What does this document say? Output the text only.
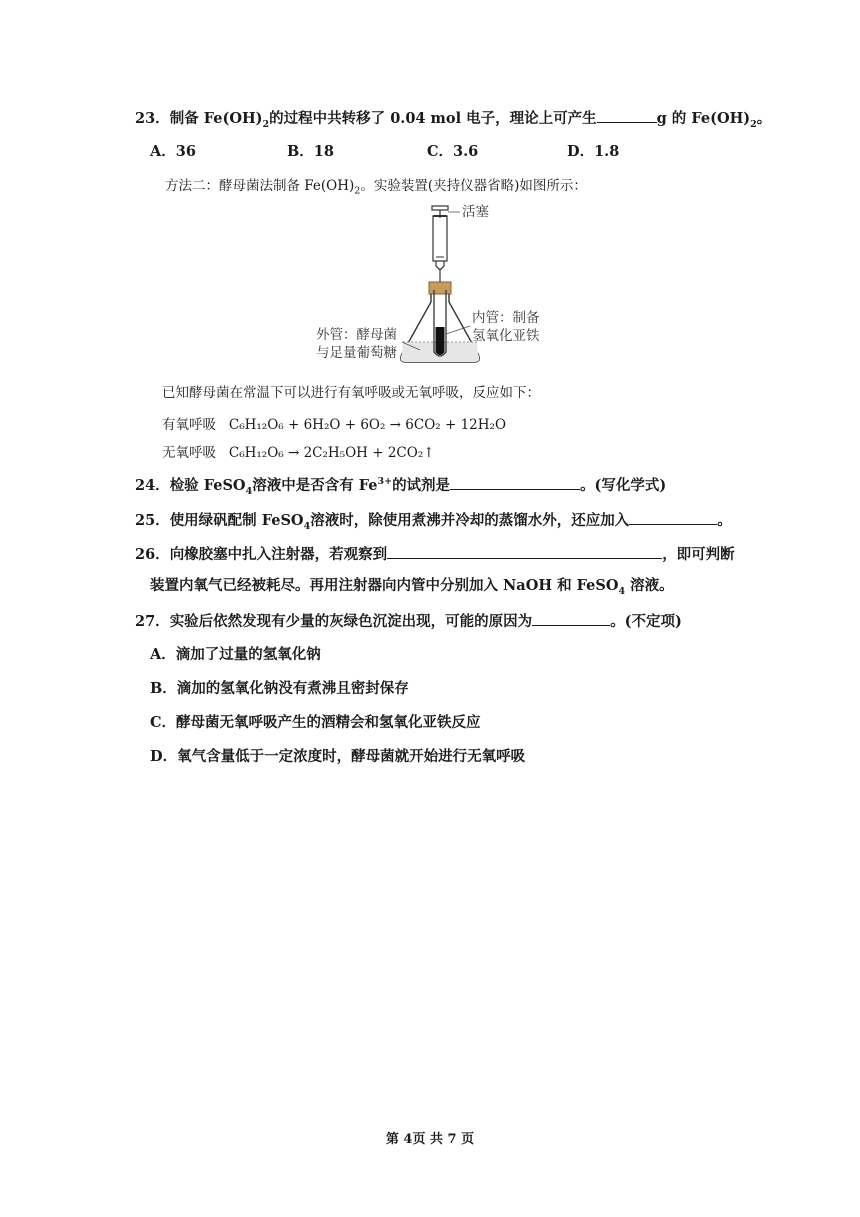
23．制备 $Fe(OH)_2$的过程中共转移了 0.04 mol 电子，理论上可产生	g 的 $Fe(OH)_2$。
A．36	B．18	C．3.6	D．1.8
方法二：酵母菌法制备 $Fe(OH)_2$。实验装置(夹持仪器省略)如图所示：
活塞
内管：制备
氢氧化亚铁
外管：酵母菌
与足量葡萄糖
已知酵母菌在常温下可以进行有氧呼吸或无氧呼吸，反应如下：
有氧呼吸 C₆H₁₂O₆ + 6H₂O + 6O₂ → 6CO₂ + 12H₂O
无氧呼吸 C₆H₁₂O₆ → 2C₂H₅OH + 2CO₂↑
24．检验 FeSO$_4$溶液中是否含有 $Fe^{3+}$的试剂是	。(写化学式)
25．使用绿矾配制 FeSO$_4$溶液时，除使用煮沸并冷却的蒸馏水外，还应加入	。
26．向橡胶塞中扎入注射器，若观察到	，即可判断
装置内氧气已经被耗尽。再用注射器向内管中分别加入 NaOH 和 FeSO$_4$ 溶液。
27．实验后依然发现有少量的灰绿色沉淀出现，可能的原因为	。(不定项)
A．滴加了过量的氢氧化钠
B．滴加的氢氧化钠没有煮沸且密封保存
C．酵母菌无氧呼吸产生的酒精会和氢氧化亚铁反应
D．氧气含量低于一定浓度时，酵母菌就开始进行无氧呼吸
第 4页 共 7 页
